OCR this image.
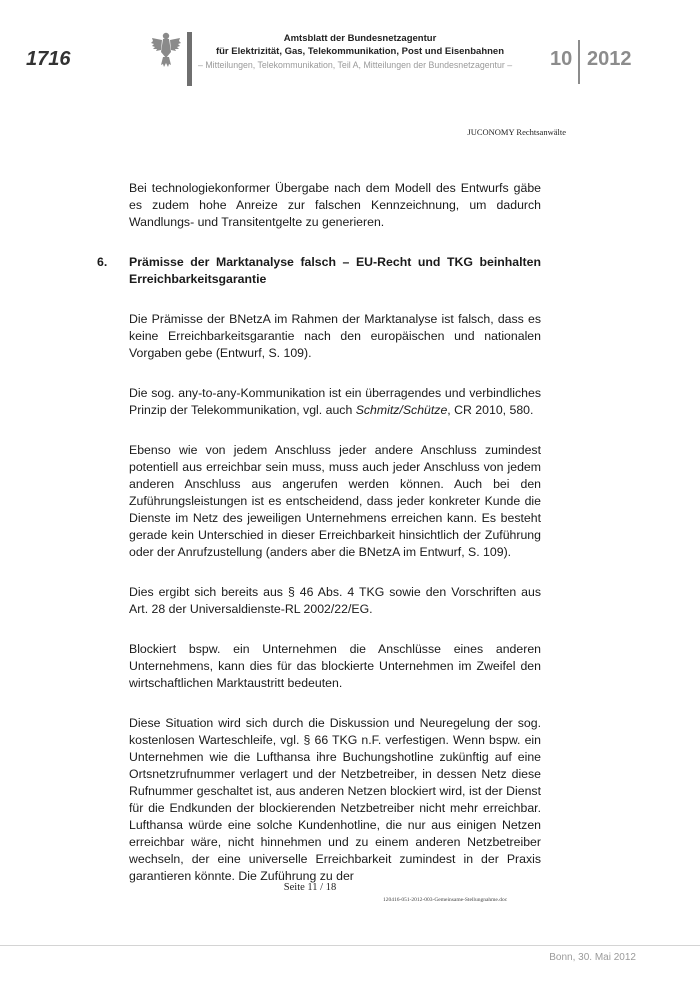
1716
Amtsblatt der Bundesnetzagentur
für Elektrizität, Gas, Telekommunikation, Post und Eisenbahnen
– Mitteilungen, Telekommunikation, Teil A, Mitteilungen der Bundesnetzagentur –	10 2012
JUCONOMY Rechtsanwälte

Bei technologiekonformer Übergabe nach dem Modell des Entwurfs gäbe es zudem hohe Anreize zur falschen Kennzeichnung, um dadurch Wandlungs- und Transitentgelte zu generieren.

6. Prämisse der Marktanalyse falsch – EU-Recht und TKG beinhalten Erreichbarkeitsgarantie

Die Prämisse der BNetzA im Rahmen der Marktanalyse ist falsch, dass es keine Erreichbarkeitsgarantie nach den europäischen und nationalen Vorgaben gebe (Entwurf, S. 109).

Die sog. any-to-any-Kommunikation ist ein überragendes und verbindliches Prinzip der Telekommunikation, vgl. auch Schmitz/Schütze, CR 2010, 580.

Ebenso wie von jedem Anschluss jeder andere Anschluss zumindest potentiell aus erreichbar sein muss, muss auch jeder Anschluss von jedem anderen Anschluss aus angerufen werden können. Auch bei den Zuführungsleistungen ist es entscheidend, dass jeder konkreter Kunde die Dienste im Netz des jeweiligen Unternehmens erreichen kann. Es besteht gerade kein Unterschied in dieser Erreichbarkeit hinsichtlich der Zuführung oder der Anrufzustellung (anders aber die BNetzA im Entwurf, S. 109).

Dies ergibt sich bereits aus § 46 Abs. 4 TKG sowie den Vorschriften aus Art. 28 der Universaldienste-RL 2002/22/EG.

Blockiert bspw. ein Unternehmen die Anschlüsse eines anderen Unternehmens, kann dies für das blockierte Unternehmen im Zweifel den wirtschaftlichen Marktaustritt bedeuten.

Diese Situation wird sich durch die Diskussion und Neuregelung der sog. kostenlosen Warteschleife, vgl. § 66 TKG n.F. verfestigen. Wenn bspw. ein Unternehmen wie die Lufthansa ihre Buchungshotline zukünftig auf eine Ortsnetzrufnummer verlagert und der Netzbetreiber, in dessen Netz diese Rufnummer geschaltet ist, aus anderen Netzen blockiert wird, ist der Dienst für die Endkunden der blockierenden Netzbetreiber nicht mehr erreichbar. Lufthansa würde eine solche Kundenhotline, die nur aus einigen Netzen erreichbar wäre, nicht hinnehmen und zu einem anderen Netzbetreiber wechseln, der eine universelle Erreichbarkeit zumindest in der Praxis garantieren könnte. Die Zuführung zu der

Seite 11 / 18
120416-051-2012-003-Gemeinsame-Stellungnahme.doc
Bonn, 30. Mai 2012
